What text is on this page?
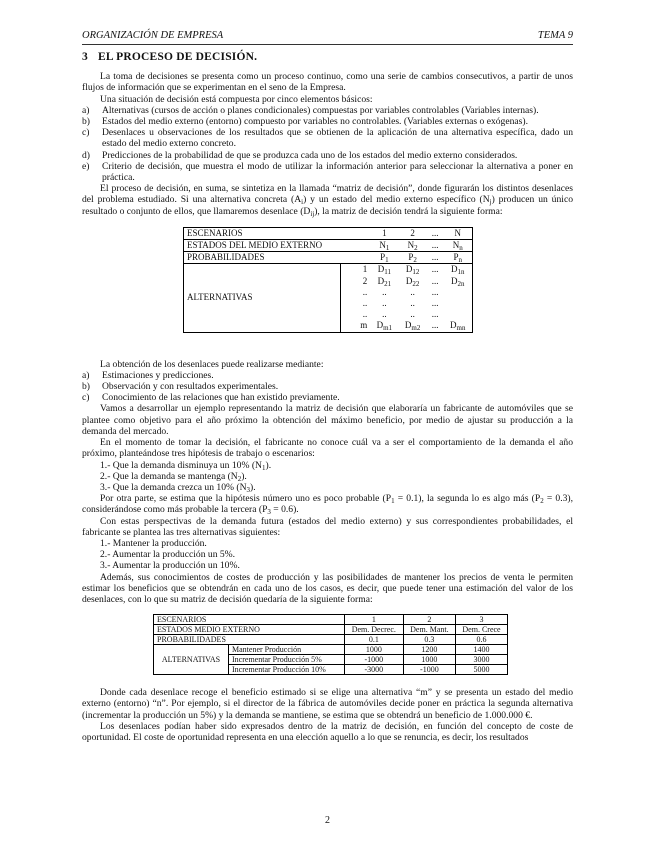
ORGANIZACIÓN DE EMPRESA	TEMA 9
3 EL PROCESO DE DECISIÓN.

La toma de decisiones se presenta como un proceso continuo, como una serie de cambios consecutivos, a partir de unos flujos de información que se experimentan en el seno de la Empresa.

Una situación de decisión está compuesta por cinco elementos básicos:

a)	Alternativas (cursos de acción o planes condicionales) compuestas por variables controlables (Variables internas).
b)	Estados del medio externo (entorno) compuesto por variables no controlables. (Variables externas o exógenas).
c)	Desenlaces u observaciones de los resultados que se obtienen de la aplicación de una alternativa específica, dado un estado del medio externo concreto.
d)	Predicciones de la probabilidad de que se produzca cada uno de los estados del medio externo considerados.
e)	Criterio de decisión, que muestra el modo de utilizar la información anterior para seleccionar la alternativa a poner en práctica.

El proceso de decisión, en suma, se sintetiza en la llamada “matriz de decisión”, donde figurarán los distintos desenlaces del problema estudiado. Si una alternativa concreta $(A_i)$ y un estado del medio externo específico $(N_j)$ producen un único resultado o conjunto de ellos, que llamaremos desenlace $(D_{ij})$, la matriz de decisión tendrá la siguiente forma:

ESCENARIOS		1	2	...	N
ESTADOS DEL MEDIO EXTERNO		$N_1$	$N_2$	...	$N_n$
PROBABILIDADES		$P_1$	$P_2$	...	$P_n$
ALTERNATIVAS	1	$D_{11}$	$D_{12}$	...	$D_{1n}$
	2	$D_{21}$	$D_{22}$	...	$D_{2n}$
	..	..	..	...	
	..	..	..	...	
	..	..	..	...	
	m	$D_{m1}$	$D_{m2}$	...	$D_{mn}$

La obtención de los desenlaces puede realizarse mediante:

a)	Estimaciones y predicciones.
b)	Observación y con resultados experimentales.
c)	Conocimiento de las relaciones que han existido previamente.

Vamos a desarrollar un ejemplo representando la matriz de decisión que elaboraría un fabricante de automóviles que se plantee como objetivo para el año próximo la obtención del máximo beneficio, por medio de ajustar su producción a la demanda del mercado.

En el momento de tomar la decisión, el fabricante no conoce cuál va a ser el comportamiento de la demanda el año próximo, planteándose tres hipótesis de trabajo o escenarios:

1.- Que la demanda disminuya un 10% $(N_1)$.

2.- Que la demanda se mantenga $(N_2)$.

3.- Que la demanda crezca un 10% $(N_3)$.

Por otra parte, se estima que la hipótesis número uno es poco probable $(P_1 = 0.1)$, la segunda lo es algo más $(P_2 = 0.3)$, considerándose como más probable la tercera $(P_3 = 0.6)$.

Con estas perspectivas de la demanda futura (estados del medio externo) y sus correspondientes probabilidades, el fabricante se plantea las tres alternativas siguientes:

1.- Mantener la producción.

2.- Aumentar la producción un 5%.

3.- Aumentar la producción un 10%.

Además, sus conocimientos de costes de producción y las posibilidades de mantener los precios de venta le permiten estimar los beneficios que se obtendrán en cada uno de los casos, es decir, que puede tener una estimación del valor de los desenlaces, con lo que su matriz de decisión quedaría de la siguiente forma:

ESCENARIOS		1	2	3
ESTADOS MEDIO EXTERNO		Dem. Decrec.	Dem. Mant.	Dem. Crece
PROBABILIDADES		0.1	0.3	0.6
ALTERNATIVAS	Mantener Producción	1000	1200	1400
	Incrementar Producción 5%	-1000	1000	3000
	Incrementar Producción 10%	-3000	-1000	5000

Donde cada desenlace recoge el beneficio estimado si se elige una alternativa “m” y se presenta un estado del medio externo (entorno) “n”. Por ejemplo, si el director de la fábrica de automóviles decide poner en práctica la segunda alternativa (incrementar la producción un 5%) y la demanda se mantiene, se estima que se obtendrá un beneficio de 1.000.000 €.

Los desenlaces podían haber sido expresados dentro de la matriz de decisión, en función del concepto de coste de oportunidad. El coste de oportunidad representa en una elección aquello a lo que se renuncia, es decir, los resultados

2
